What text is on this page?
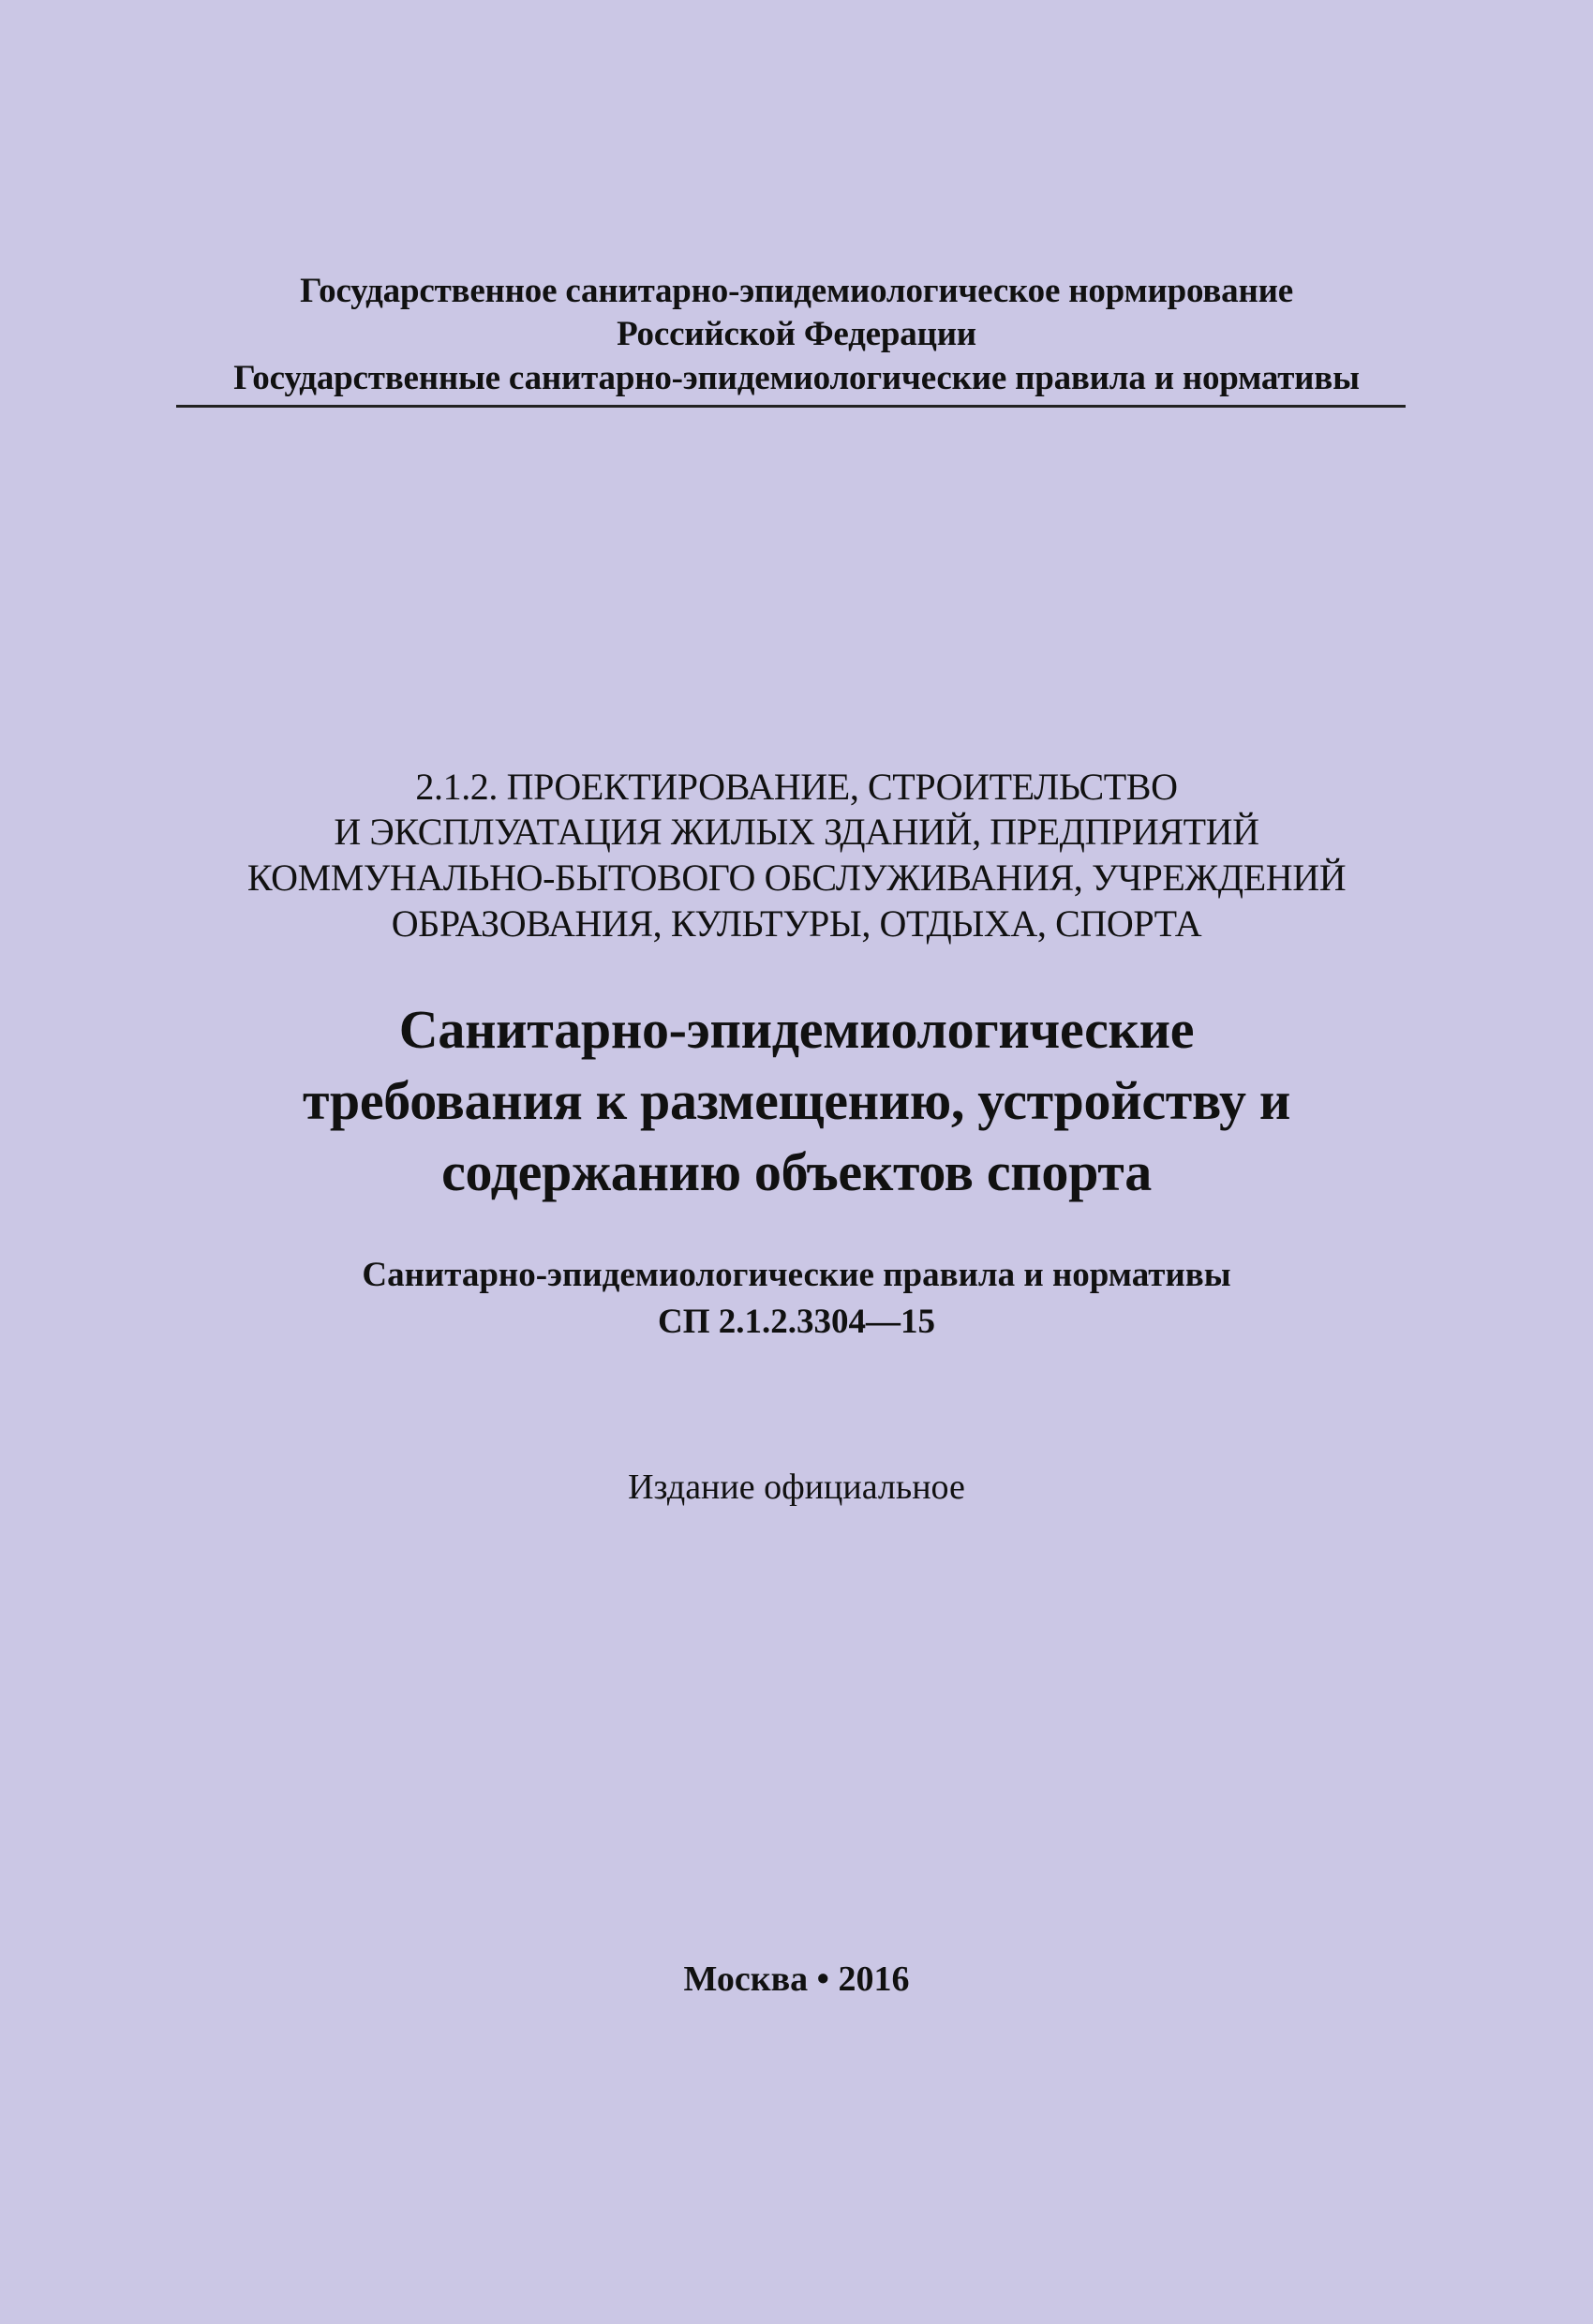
Государственное санитарно-эпидемиологическое нормирование
Российской Федерации
Государственные санитарно-эпидемиологические правила и нормативы
2.1.2. ПРОЕКТИРОВАНИЕ, СТРОИТЕЛЬСТВО
И ЭКСПЛУАТАЦИЯ ЖИЛЫХ ЗДАНИЙ, ПРЕДПРИЯТИЙ
КОММУНАЛЬНО-БЫТОВОГО ОБСЛУЖИВАНИЯ, УЧРЕЖДЕНИЙ
ОБРАЗОВАНИЯ, КУЛЬТУРЫ, ОТДЫХА, СПОРТА
Санитарно-эпидемиологические
требования к размещению, устройству и
содержанию объектов спорта
Санитарно-эпидемиологические правила и нормативы
СП 2.1.2.3304—15
Издание официальное
Москва • 2016
